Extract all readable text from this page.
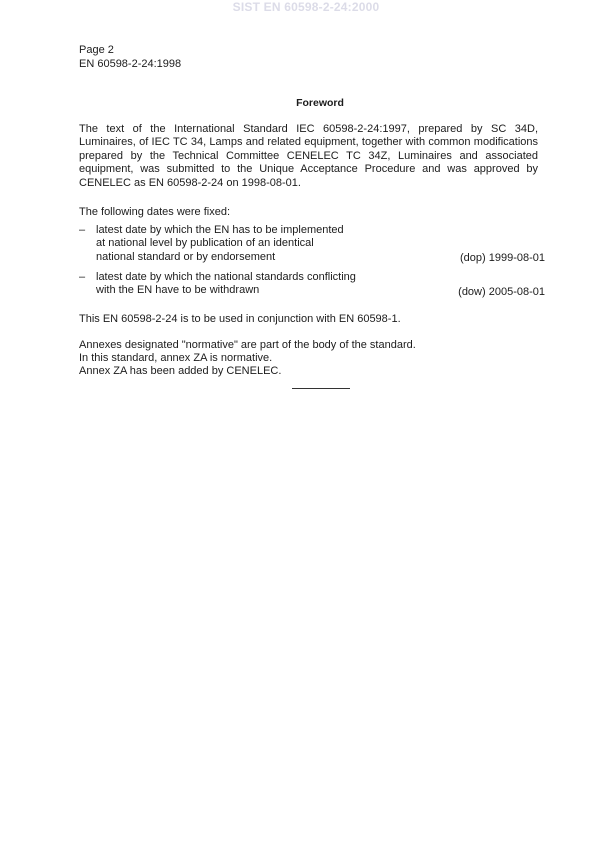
SIST EN 60598-2-24:2000
Page 2
EN 60598-2-24:1998
Foreword
The text of the International Standard IEC 60598-2-24:1997, prepared by SC 34D, Luminaires, of IEC TC 34, Lamps and related equipment, together with common modifications prepared by the Technical Committee CENELEC TC 34Z, Luminaires and associated equipment, was submitted to the Unique Acceptance Procedure and was approved by CENELEC as EN 60598-2-24 on 1998-08-01.
The following dates were fixed:
– latest date by which the EN has to be implemented
at national level by publication of an identical
national standard or by endorsement	(dop) 1999-08-01
– latest date by which the national standards conflicting
with the EN have to be withdrawn	(dow) 2005-08-01
This EN 60598-2-24 is to be used in conjunction with EN 60598-1.
Annexes designated "normative" are part of the body of the standard.
In this standard, annex ZA is normative.
Annex ZA has been added by CENELEC.
